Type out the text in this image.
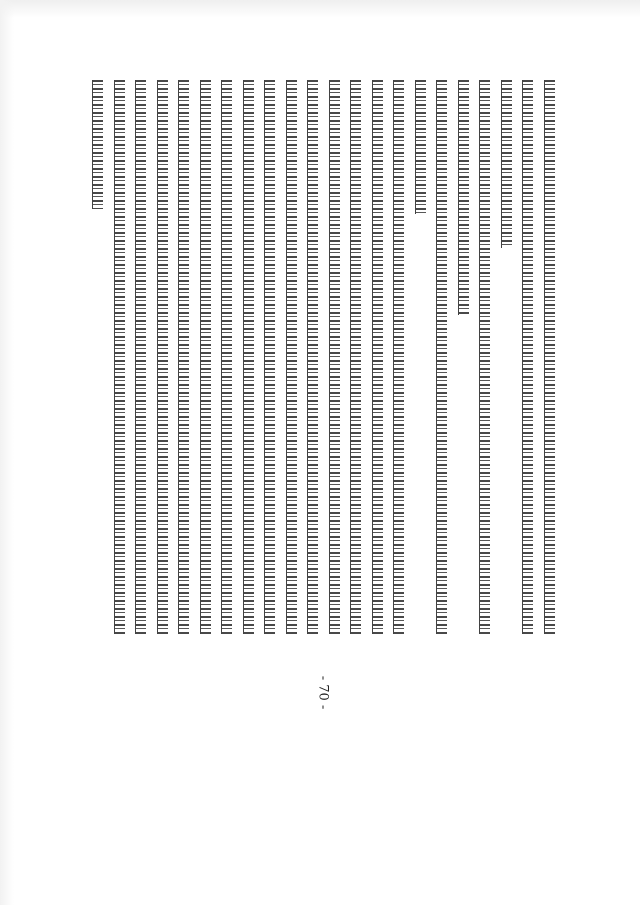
- 70 -
